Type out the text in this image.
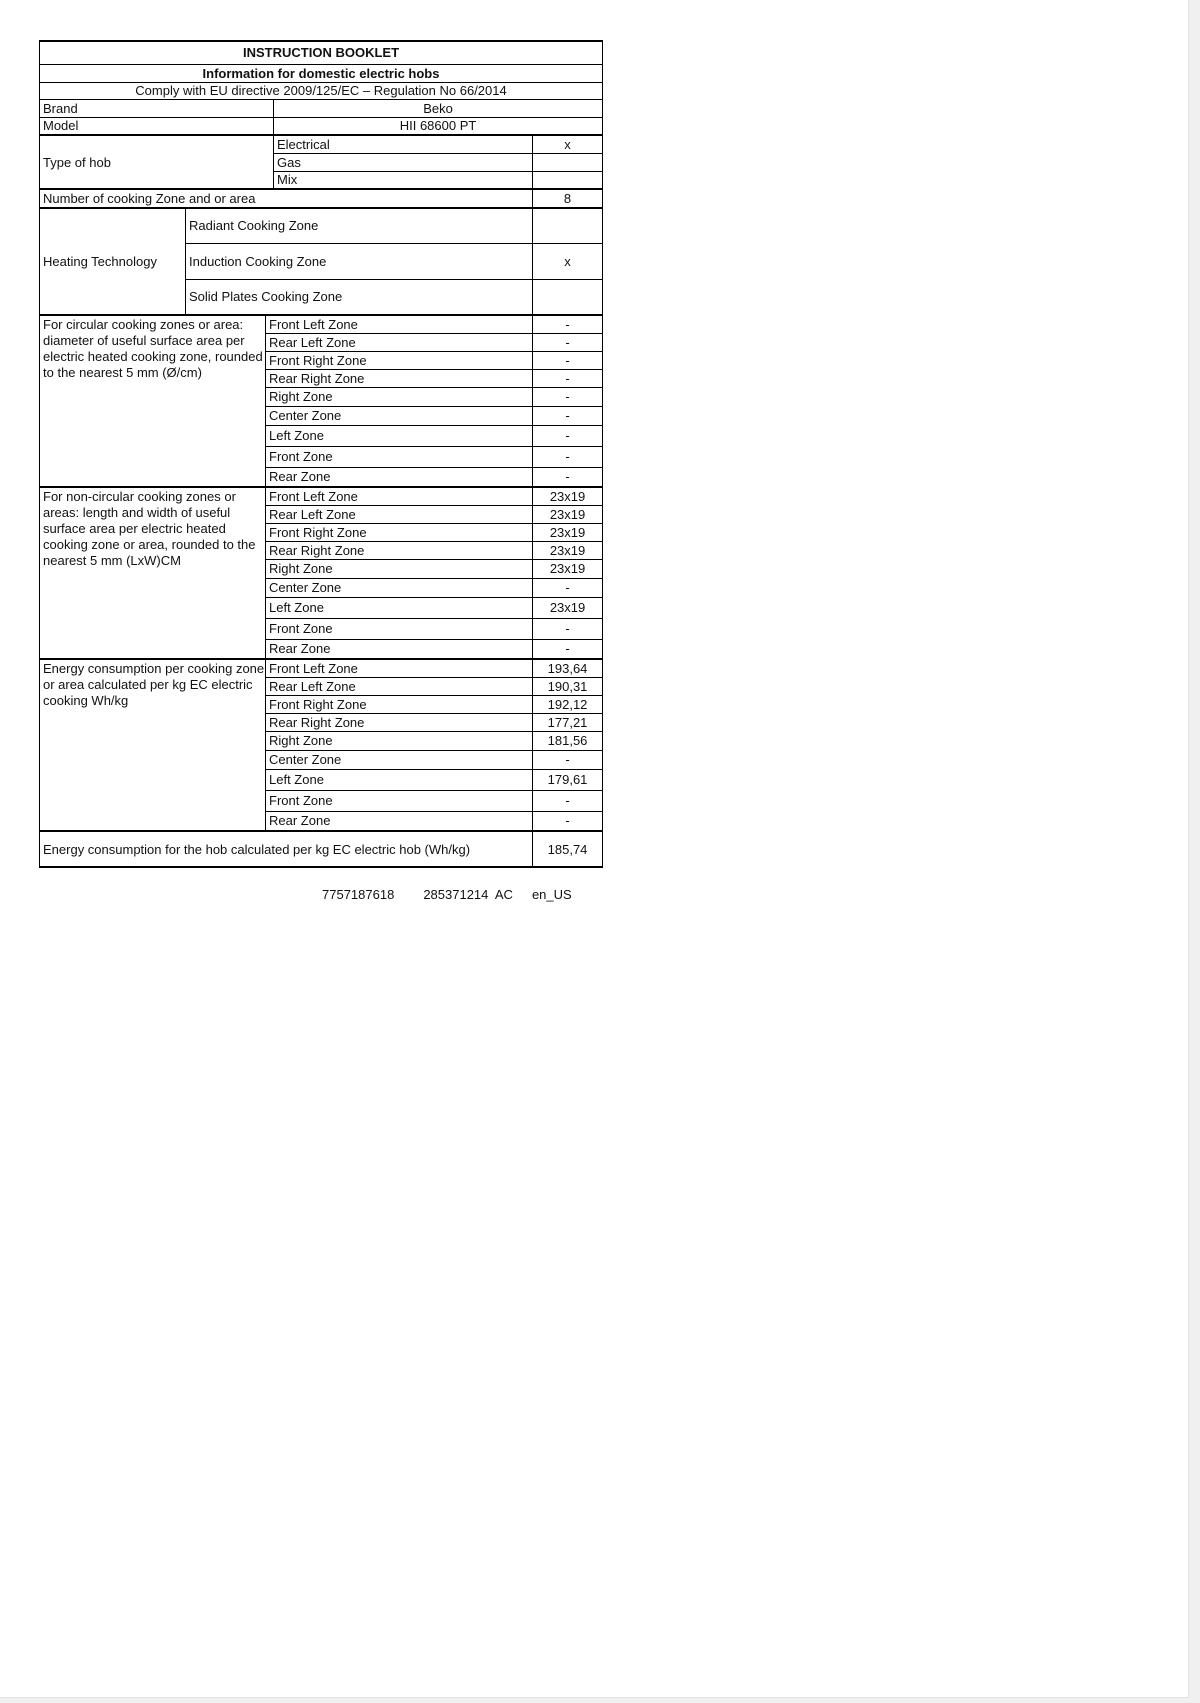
INSTRUCTION BOOKLET				
Information for domestic electric hobs				
Comply with EU directive 2009/125/EC – Regulation No 66/2014				
Brand			Beko	
Model			HII 68600 PT	
Type of hob			Electrical	x
			Gas	
			Mix	
Number of cooking Zone and or area				8
Heating Technology	Radiant Cooking Zone			
	Induction Cooking Zone			x
	Solid Plates Cooking Zone			
For circular cooking zones or area: diameter of useful surface area per electric heated cooking zone, rounded to the nearest 5 mm (Ø/cm)		Front Left Zone		-
		Rear Left Zone		-
		Front Right Zone		-
		Rear Right Zone		-
		Right Zone		-
		Center Zone		-
		Left Zone		-
		Front Zone		-
		Rear Zone		-
For non-circular cooking zones or areas: length and width of useful surface area per electric heated cooking zone or area, rounded to the nearest 5 mm (LxW)CM		Front Left Zone		23x19
		Rear Left Zone		23x19
		Front Right Zone		23x19
		Rear Right Zone		23x19
		Right Zone		23x19
		Center Zone		-
		Left Zone		23x19
		Front Zone		-
		Rear Zone		-
Energy consumption per cooking zone or area calculated per kg EC electric cooking Wh/kg		Front Left Zone		193,64
		Rear Left Zone		190,31
		Front Right Zone		192,12
		Rear Right Zone		177,21
		Right Zone		181,56
		Center Zone		-
		Left Zone		179,61
		Front Zone		-
		Rear Zone		-
Energy consumption for the hob calculated per kg EC electric hob (Wh/kg)				185,74
7757187618 285371214  AC en_US
